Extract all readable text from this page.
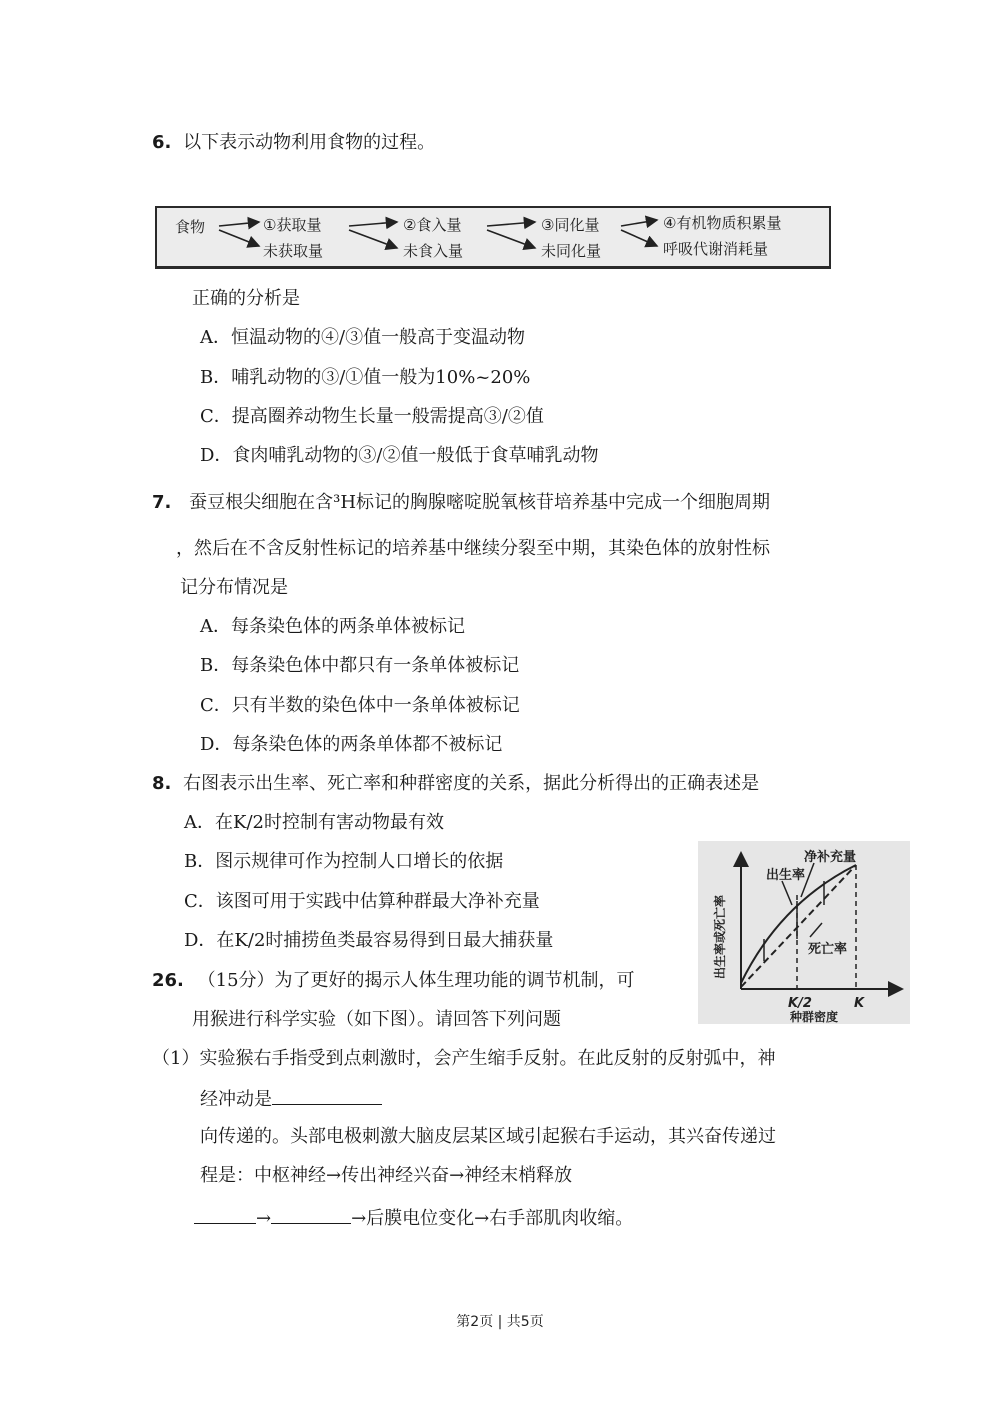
6. 以下表示动物利用食物的过程。
食物	①获取量
未获取量
②食入量
未食入量
③同化量
未同化量
④有机物质积累量
呼吸代谢消耗量
正确的分析是
A．恒温动物的④/③值一般高于变温动物
B．哺乳动物的③/①值一般为10%~20%
C．提高圈养动物生长量一般需提高③/②值
D．食肉哺乳动物的③/②值一般低于食草哺乳动物
7. 蚕豆根尖细胞在含³H标记的胸腺嘧啶脱氧核苷培养基中完成一个细胞周期
，然后在不含反射性标记的培养基中继续分裂至中期，其染色体的放射性标
记分布情况是
A．每条染色体的两条单体被标记
B．每条染色体中都只有一条单体被标记
C．只有半数的染色体中一条单体被标记
D．每条染色体的两条单体都不被标记
8. 右图表示出生率、死亡率和种群密度的关系，据此分析得出的正确表述是
A．在K/2时控制有害动物最有效
B．图示规律可作为控制人口增长的依据
C．该图可用于实践中估算种群最大净补充量
D．在K/2时捕捞鱼类最容易得到日最大捕获量
净补充量
出生率
死亡率
出生率或死亡率
K/2	K
种群密度
26. （15分）为了更好的揭示人体生理功能的调节机制，可
用猴进行科学实验（如下图）。请回答下列问题
（1）实验猴右手指受到点刺激时，会产生缩手反射。在此反射的反射弧中，神
经冲动是
向传递的。头部电极刺激大脑皮层某区域引起猴右手运动，其兴奋传递过
程是：中枢神经→传出神经兴奋→神经末梢释放
→	→后膜电位变化→右手部肌肉收缩。
第2页 | 共5页
